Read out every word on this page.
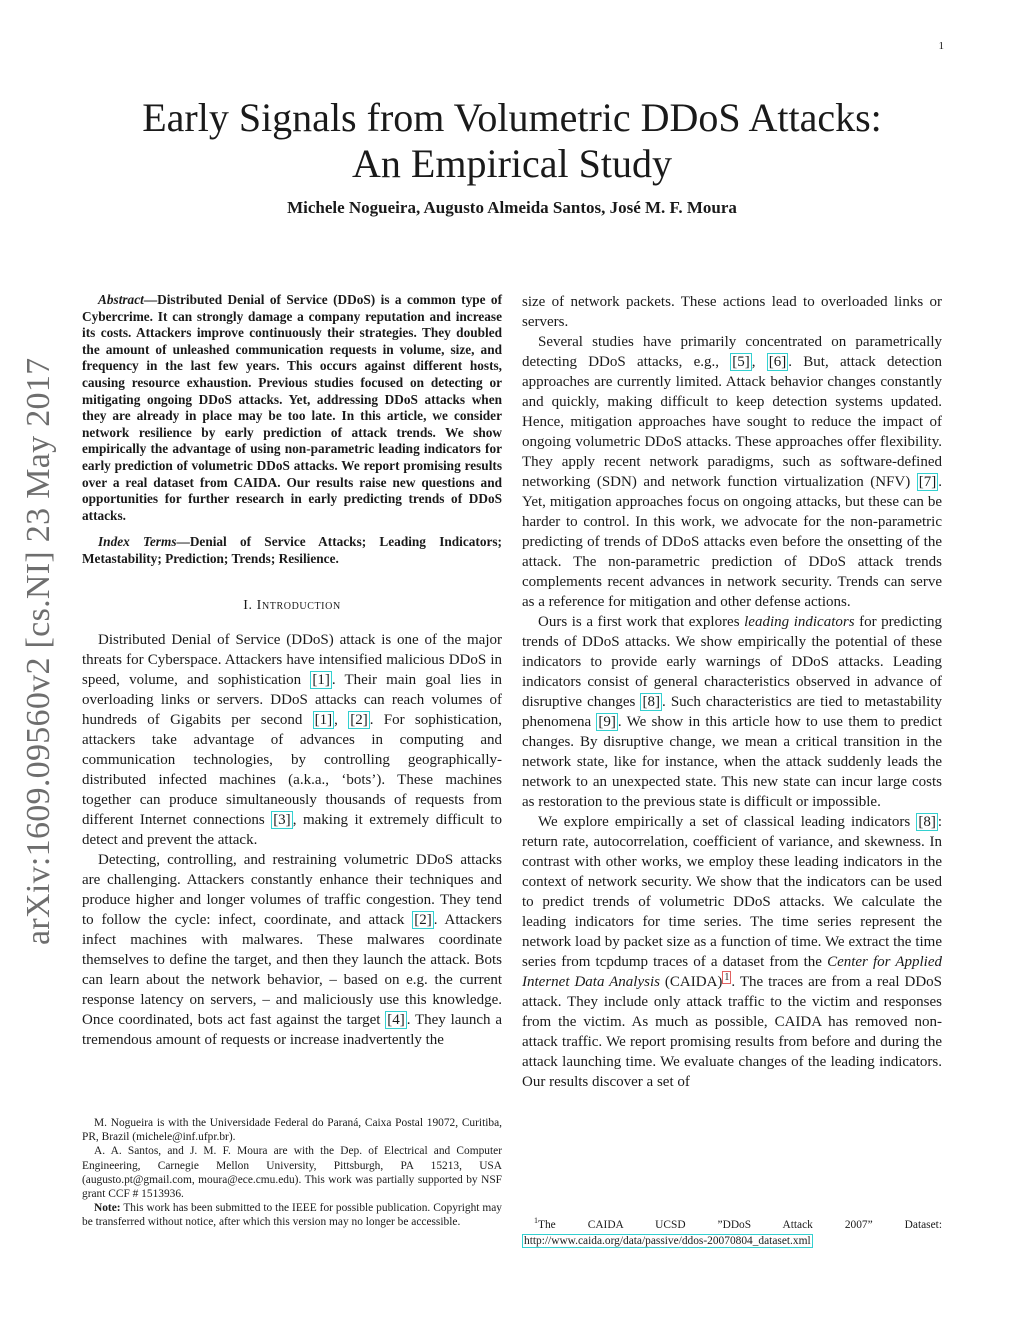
1
arXiv:1609.09560v2 [cs.NI] 23 May 2017
Early Signals from Volumetric DDoS Attacks:
An Empirical Study
Michele Nogueira, Augusto Almeida Santos, José M. F. Moura

Abstract—Distributed Denial of Service (DDoS) is a common type of Cybercrime. It can strongly damage a company reputation and increase its costs. Attackers improve continuously their strategies. They doubled the amount of unleashed communication requests in volume, size, and frequency in the last few years. This occurs against different hosts, causing resource exhaustion. Previous studies focused on detecting or mitigating ongoing DDoS attacks. Yet, addressing DDoS attacks when they are already in place may be too late. In this article, we consider network resilience by early prediction of attack trends. We show empirically the advantage of using non-parametric leading indicators for early prediction of volumetric DDoS attacks. We report promising results over a real dataset from CAIDA. Our results raise new questions and opportunities for further research in early predicting trends of DDoS attacks.

Index Terms—Denial of Service Attacks; Leading Indicators; Metastability; Prediction; Trends; Resilience.

I. Introduction

Distributed Denial of Service (DDoS) attack is one of the major threats for Cyberspace. Attackers have intensified malicious DDoS in speed, volume, and sophistication [1] . Their main goal lies in overloading links or servers. DDoS attacks can reach volumes of hundreds of Gigabits per second [1] , [2] . For sophistication, attackers take advantage of advances in computing and communication technologies, by controlling geographically-distributed infected machines (a.k.a., ‘bots’). These machines together can produce simultaneously thousands of requests from different Internet connections [3] , making it extremely difficult to detect and prevent the attack.

Detecting, controlling, and restraining volumetric DDoS attacks are challenging. Attackers constantly enhance their techniques and produce higher and longer volumes of traffic congestion. They tend to follow the cycle: infect, coordinate, and attack [2] . Attackers infect machines with malwares. These malwares coordinate themselves to define the target, and then they launch the attack. Bots can learn about the network behavior, – based on e.g. the current response latency on servers, – and maliciously use this knowledge. Once coordinated, bots act fast against the target [4] . They launch a tremendous amount of requests or increase inadvertently the

M. Nogueira is with the Universidade Federal do Paraná, Caixa Postal 19072, Curitiba, PR, Brazil (michele@inf.ufpr.br).

A. A. Santos, and J. M. F. Moura are with the Dep. of Electrical and Computer Engineering, Carnegie Mellon University, Pittsburgh, PA 15213, USA (augusto.pt@gmail.com, moura@ece.cmu.edu). This work was partially supported by NSF grant CCF # 1513936.

Note: This work has been submitted to the IEEE for possible publication. Copyright may be transferred without notice, after which this version may no longer be accessible.

size of network packets. These actions lead to overloaded links or servers.

Several studies have primarily concentrated on parametrically detecting DDoS attacks, e.g., [5] , [6] . But, attack detection approaches are currently limited. Attack behavior changes constantly and quickly, making difficult to keep detection systems updated. Hence, mitigation approaches have sought to reduce the impact of ongoing volumetric DDoS attacks. These approaches offer flexibility. They apply recent network paradigms, such as software-defined networking (SDN) and network function virtualization (NFV) [7] . Yet, mitigation approaches focus on ongoing attacks, but these can be harder to control. In this work, we advocate for the non-parametric predicting of trends of DDoS attacks even before the onsetting of the attack. The non-parametric prediction of DDoS attack trends complements recent advances in network security. Trends can serve as a reference for mitigation and other defense actions.

Ours is a first work that explores leading indicators for predicting trends of DDoS attacks. We show empirically the potential of these indicators to provide early warnings of DDoS attacks. Leading indicators consist of general characteristics observed in advance of disruptive changes [8] . Such characteristics are tied to metastability phenomena [9] . We show in this article how to use them to predict changes. By disruptive change, we mean a critical transition in the network state, like for instance, when the attack suddenly leads the network to an unexpected state. This new state can incur large costs as restoration to the previous state is difficult or impossible.

We explore empirically a set of classical leading indicators [8] : return rate, autocorrelation, coefficient of variance, and skewness. In contrast with other works, we employ these leading indicators in the context of network security. We show that the indicators can be used to predict trends of volumetric DDoS attacks. We calculate the leading indicators for time series. The time series represent the network load by packet size as a function of time. We extract the time series from tcpdump traces of a dataset from the Center for Applied Internet Data Analysis (CAIDA) $^1$ . The traces are from a real DDoS attack. They include only attack traffic to the victim and responses from the victim. As much as possible, CAIDA has removed non-attack traffic. We report promising results from before and during the attack launching time. We evaluate changes of the leading indicators. Our results discover a set of

$^1$The CAIDA UCSD ”DDoS Attack 2007” Dataset: http://www.caida.org/data/passive/ddos-20070804_dataset.xml
